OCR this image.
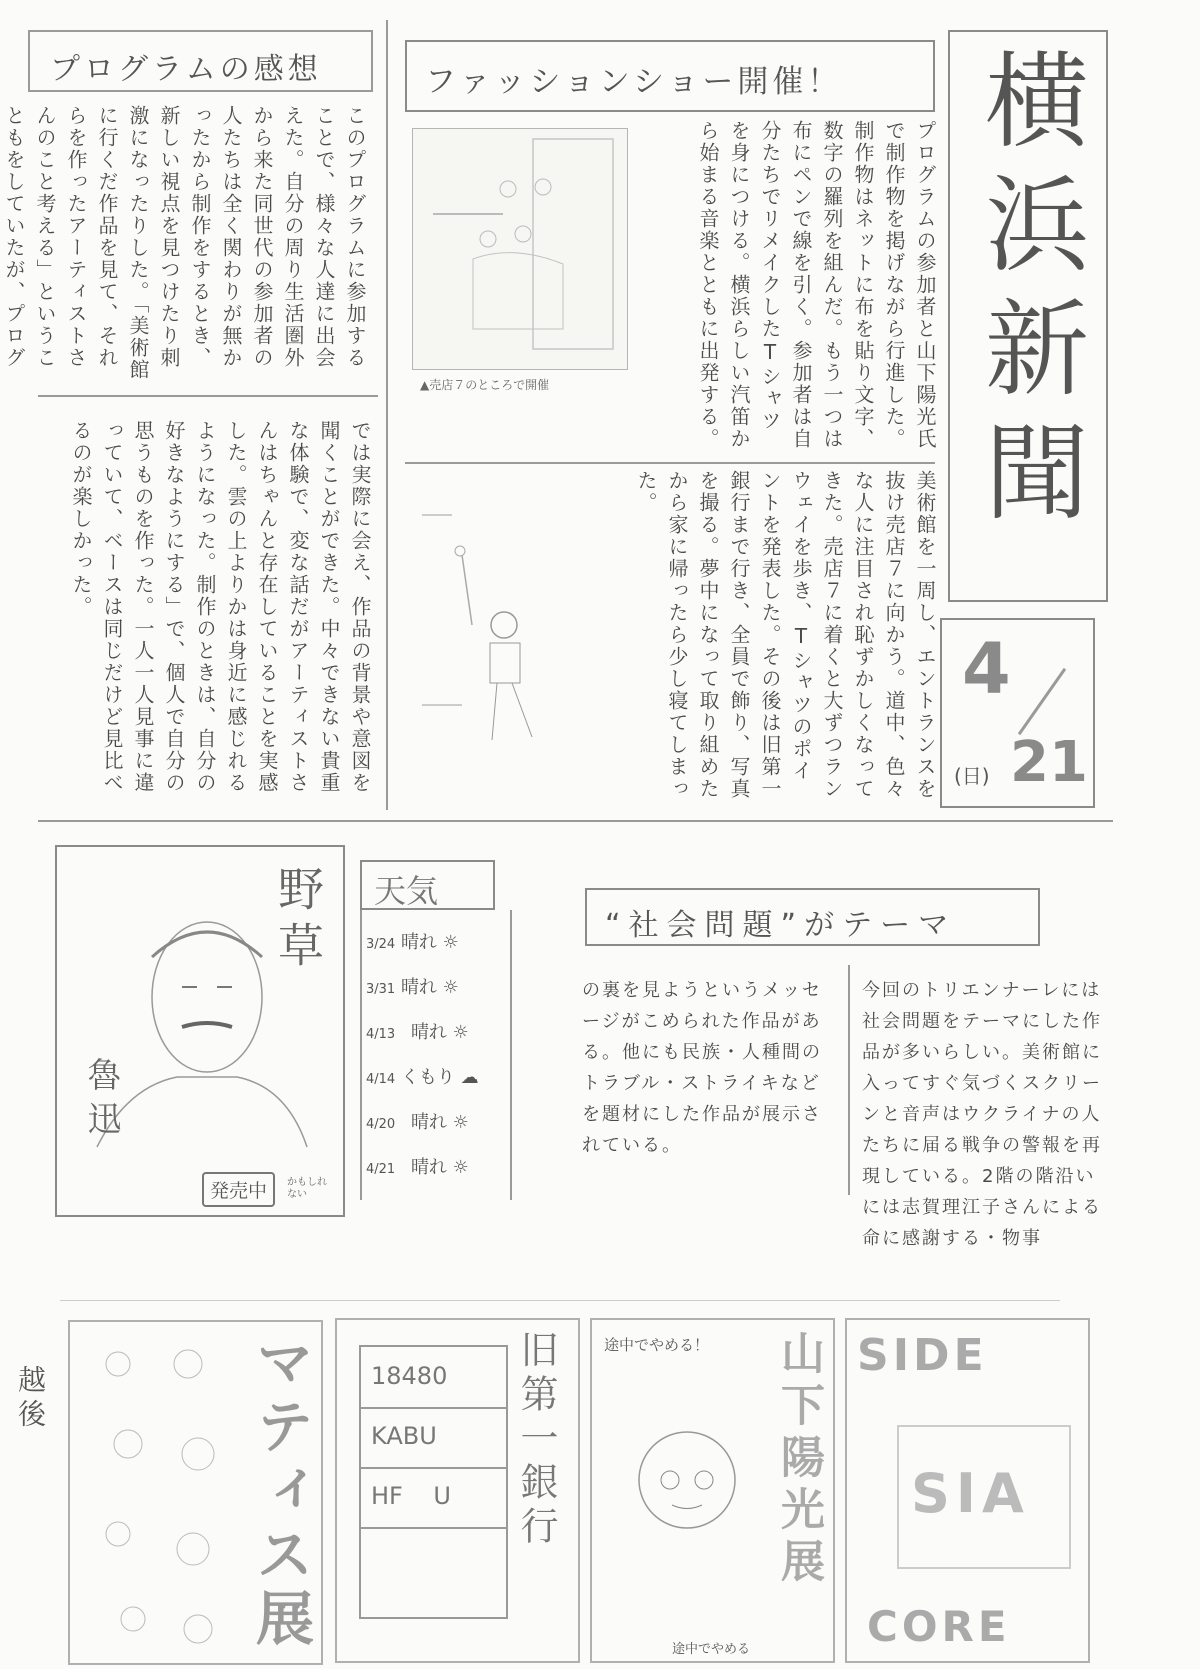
プログラムの感想
このプログラムに参加することで、様々な人達に出会えた。自分の周り生活圏外から来た同世代の参加者の人たちは全く関わりが無かったから制作をするとき、新しい視点を見つけたり刺激になったりした。「美術館に行くだ作品を見て、それらを作ったアーティストさんのこと考える」ということもをしていたが、プログ
では実際に会え、作品の背景や意図を聞くことができた。中々できない貴重な体験で、変な話だがアーティストさんはちゃんと存在していることを実感した。雲の上よりかは身近に感じれるようになった。制作のときは、自分の好きなようにする」で、個人で自分の思うものを作った。一人一人見事に違っていて、ベースは同じだけど見比べるのが楽しかった。
ファッションショー開催！
▲売店７のところで開催	プログラムの参加者と山下陽光氏で制作物を掲げながら行進した。制作物はネットに布を貼り文字、数字の羅列を組んだ。もう一つは布にペンで線を引く。参加者は自分たちでリメイクしたTシャツを身につける。横浜らしい汽笛から始まる音楽とともに出発する。
美術館を一周し、エントランスを抜け売店７に向かう。道中、色々な人に注目され恥ずかしくなってきた。売店７に着くと大ずつランウェイを歩き、Tシャツのポイントを発表した。その後は旧第一銀行まで行き、全員で飾り、写真を撮る。夢中になって取り組めたから家に帰ったら少し寝てしまった。	横浜新聞
4
(日) 21
野草
魯迅
発売中	かもしれない
天気
3/24 晴れ ☼
3/31 晴れ ☼
4/13 晴れ ☼
4/14 くもり ☁
4/20 晴れ ☼
4/21 晴れ ☼
“社会問題”がテーマ
の裏を見ようというメッセージがこめられた作品がある。他にも民族・人種間のトラブル・ストライキなどを題材にした作品が展示されている。
今回のトリエンナーレには社会問題をテーマにした作品が多いらしい。美術館に入ってすぐ気づくスクリーンと音声はウクライナの人たちに届る戦争の警報を再現している。2階の階沿いには志賀理江子さんによる命に感謝する・物事
越後	マティス展 18480
KABU
HF    U 旧第一銀行	途中でやめる！ 山下陽光展
途中でやめる
SIDE
SIA
CORE
